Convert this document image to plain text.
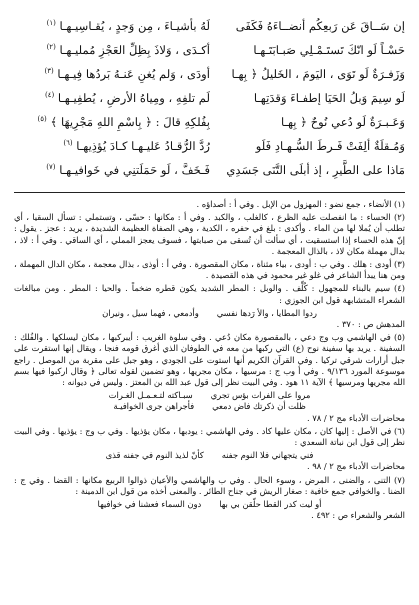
إن سَــاقَ عَن رَبعِكُم أنضــاءَهُ فَكَفَى
لَهُ بأشيـاءَ ، مِن وَجدٍ ، يُقـاسِيـهـا $^{(١)}$
حَسْـاً لَو انّكَ تَستَـمْـلِي صَبـابَتَـهـا
أكـدَى ، وَلاذَ بِظِلِّ العَجْزِ مُمليـهـا $^{(٢)}$
وَزَفـرَةٌ لَو تَوَى ، اليَومَ ، الخَليلُ ﴿ بِهـا
أودَى ، وَلم يُغنِ عَنـهُ بَردُها فِيـهـا $^{(٣)}$
لَو سِيمَ وَبلُ الحَيَا إطفـاءَ وَقدَتِهـا
لَم تلفِهِ ، ومِياهُ الأرضِ ، يُطفِيـهـا $^{(٤)}$
وَعَـبـرَةٌ لَو دُعي نُوحٌ ﴿ بِهـا
بِفُلكِهِ قالَ : ﴿ بِاسْمِ اللهِ مَجْرِيهَا ﴾ $^{(٥)}$
وَمُـقلَةٌ ألِفَتْ فَـرطَ السُّـهـادِ فَلَو
رُدَّ الرُّقـادُ عَليـهـا كـادَ يُؤذِيهـا $^{(٦)}$
مَاذا على الطَّيرِ ، إذ أبلَى التَّنَى جَسَدِي
فَـخَفَّ ، لَو حَمَلَتنِي في خَوافيـهـا $^{(٧)}$

(١) الأنضاء ، جمع نضو : المهزول من الإبل . وفي أ : أصداؤه .

(٢) الحساء : ما انفصلت عليه الظرع ، كالغلب ، والكبد . وفي أ : مكانها : حسّى ، وتستملي : تسأل السقيا ، أي تطلب أن يُملا لها من الماء . وأكدى : بلغ في حفره ، الكدية ، وهي الصفاة العظيمة الشديدة ، يريد : عجز . يقول : إنّ هذه الحساء إذا استسقيت ، أي سألت أن تُسقى من صبابتها ، فسوف يعجز المملي ، أي الساقي . وفي أ : لاذ ، بدال مهملة مكان لاذ ، بالذال المعجمة .

(٣) أودى : هلك . وفي ب : أودى ، بياء مثناة ، مكان المقصورة . وفي أ : أوذى ، بذال معجمة ، مكان الدال المهملة ، ومن هنا يبدأ الشاعر في غلو غير محمود في هذه القصيدة .

(٤) سيم بالبناء للمجهول : كُلِّف . والوبل : المطر الشديد يكون قطره ضخماً . والحيا : المطر . ومن مبالغات الشعراء المتشابهة قول ابن الجوزي :

ردوا المطايا ، والأ رَدها نفسي
وأدمعي ، فهما سيل ، ونيران

المدهش ص : ٣٧٠ .

(٥) في الهاشمي وب وج دعي ، بالمقصورة مكان دُعي . وفي سلوة الغريب : أيبركبها ، مكان ليسلكها . والفُلك : السفينة . يريد بها سفينة نوح (ع) التي ركبها من معه في الطوفان الذي أغرق قومه فنجا ، ويقال إنها استقرت على جبل أرارات شرقي تركيا . وفي القرآن الكريم أنها استوت على الجودي ، وهو جبل على مقربة من الموصل . راجع موسوعة المورد ٩/١٣٦ . وفي أ وب ج : مرسيها ، مكان مجريها ، وهو تضمين لقوله تعالى ﴿ وقال اركبوا فيها بسم الله مجريها ومرسيها ﴾ الآية ١١ هود . وفي البيت نظر إلى قول عبد الله بن المعتز . وليس في ديوانه :

مروا على الفرات بؤس تجري
سبـاكته لتـعـمـل الغـرات
ظلت أن ذكرتك فاض دمعي
فأجراهن جرى الخوافيـة

محاضرات الأدباء مج ٢ / ٧٨ .

(٦) في الأصل : إليها كان ، مكان عليها كاد . وفي الهاشمي : يودبها ، مكان يؤذيها . وفي ب وج : يؤذيها . وفي البيت نظر إلى قول ابن نباتة السعدي :

فني يتجهاني فلا النوم جفنه
كأنّ لذيذ النوم في جفنه قذى

محاضرات الأدباء مج ٢ / ٩٨ .

(٧) التنى ، والضنى ، المرض ، وسوء الحال . وفي ب والهاشمي والأعيان ذوالوا الربيع مكانها : القضا . وفي ج : الضنا . والخوافي جمع خافية : صغار الريش في جناح الطائر . والمعنى أخذه من قول ابن الدمينة :

أو ليت كدر القطا حلّقن بي بها
دون السماء فعشنا في خوافيها

الشعر والشعراء ص : ٤٩٢ .
